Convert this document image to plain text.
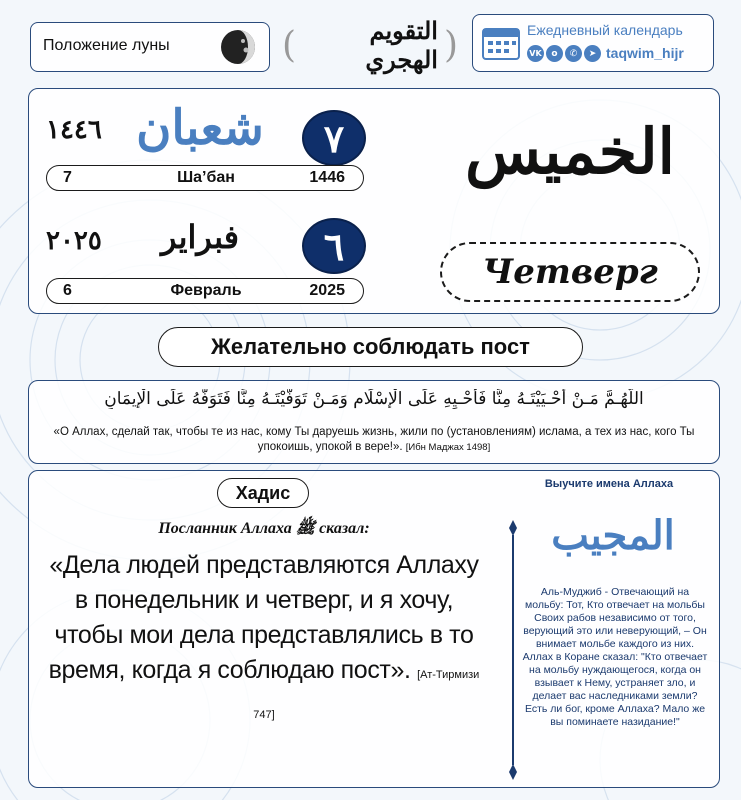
Положение луны	(	التقويم الهجري )	Ежедневный календарь
VK	o	✆	➤ taqwim_hijr
١٤٤٦ شعبان ٧
7	Ша’бан	1446
٢٠٢٥	فبراير	٦
6	Февраль	2025
الخميس
Четверг
Желательно соблюдать пост
اللَّهُـمَّ مَـنْ أَحْـيَيْتَـهُ مِنَّا فَأَحْـيِهِ عَلَى الْإِسْلَامِ وَمَـنْ تَوَفَّيْتَـهُ مِنَّا فَتَوَفَّهُ عَلَى الْإِيمَانِ
«О Аллах, сделай так, чтобы те из нас, кому Ты даруешь жизнь, жили по (установлениям) ислама, а тех из нас, кого Ты упокоишь, упокой в вере!». [Ибн Маджах 1498]
Хадис
Посланник Аллаха ﷺ сказал:
«Дела людей представляются Аллаху в понедельник и четверг, и я хочу, чтобы мои дела представлялись в то время, когда я соблюдаю пост». [Ат-Тирмизи 747]
Выучите имена Аллаха
المجيب
Аль-Муджиб - Отвечающий на мольбу: Тот, Кто отвечает на мольбы Своих рабов независимо от того, верующий это или неверующий, – Он внимает мольбе каждого из них. Аллах в Коране сказал: "Кто отвечает на мольбу нуждающегося, когда он взывает к Нему, устраняет зло, и делает вас наследниками земли? Есть ли бог, кроме Аллаха? Мало же вы поминаете назидание!"
